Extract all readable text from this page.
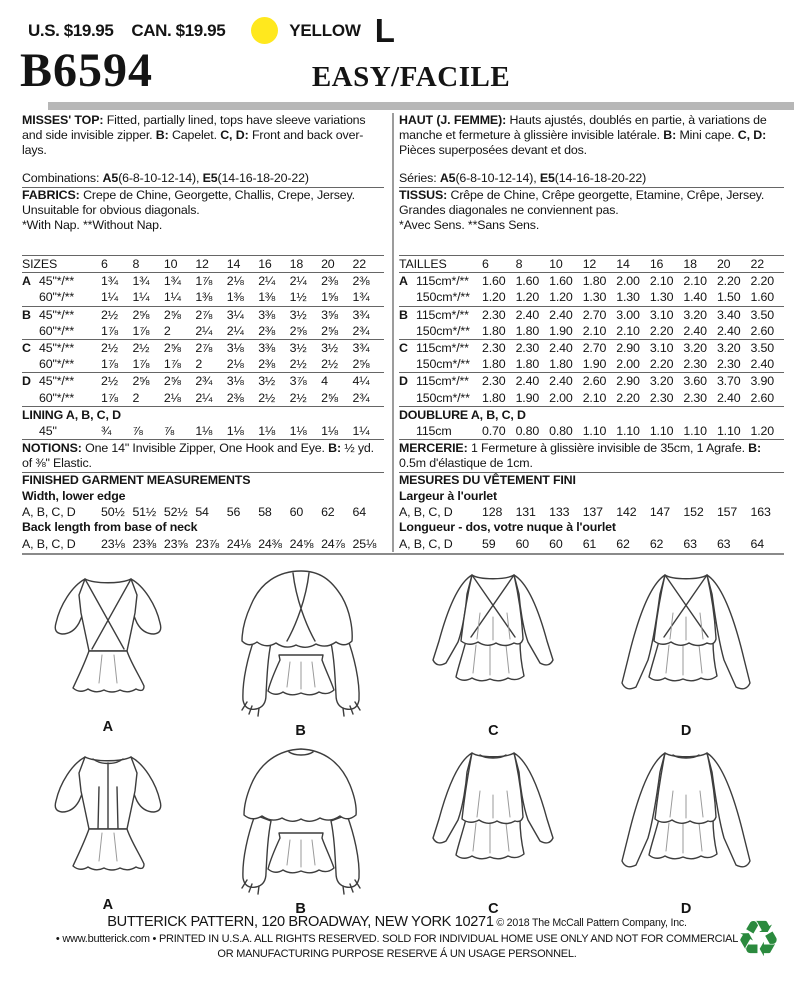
U.S. $19.95 CAN. $19.95	YELLOW L
B6594	EASY/FACILE

MISSES' TOP: Fitted, partially lined, tops have sleeve variations and side invisible zipper. B: Capelet. C, D: Front and back over-lays.

Combinations: A5(6-8-10-12-14), E5(14-16-18-20-22)

FABRICS: Crepe de Chine, Georgette, Challis, Crepe, Jersey. Unsuitable for obvious diagonals.

*With Nap. **Without Nap.

SIZES	6	8	10	12	14	16	18	20	22
A 45"*/**	1¾	1¾	1¾	1⅞	2⅛	2¼	2¼	2⅜	2⅜
60"*/**	1¼	1¼	1¼	1⅜	1⅜	1⅜	1½	1⅝	1¾
B 45"*/**	2½	2⅝	2⅝	2⅞	3¼	3⅜	3½	3⅝	3¾
60"*/**	1⅞	1⅞	2	2¼	2¼	2⅜	2⅝	2⅝	2¾
C 45"*/**	2½	2½	2⅝	2⅞	3⅛	3⅜	3½	3½	3¾
60"*/**	1⅞	1⅞	1⅞	2	2⅛	2⅜	2½	2½	2⅝
D 45"*/**	2½	2⅝	2⅝	2¾	3⅛	3½	3⅞	4	4¼
60"*/**	1⅞	2	2⅛	2¼	2⅜	2½	2½	2⅝	2¾
LINING A, B, C, D
45"	¾	⅞	⅞	1⅛	1⅛	1⅛	1⅛	1⅛	1¼

NOTIONS: One 14" Invisible Zipper, One Hook and Eye. B: ½ yd. of ⅜" Elastic.

FINISHED GARMENT MEASUREMENTS
Width, lower edge
A, B, C, D	50½ 51½ 52½ 54	56	58	60	62	64
Back length from base of neck
A, B, C, D	23⅛ 23⅜ 23⅝ 23⅞ 24⅛ 24⅜ 24⅝ 24⅞ 25⅛

HAUT (J. FEMME): Hauts ajustés, doublés en partie, à variations de manche et fermeture à glissière invisible latérale. B: Mini cape. C, D: Pièces superposées devant et dos.

Séries: A5(6-8-10-12-14), E5(14-16-18-20-22)

TISSUS: Crêpe de Chine, Crêpe georgette, Etamine, Crêpe, Jersey.

Grandes diagonales ne conviennent pas.

*Avec Sens. **Sans Sens.

TAILLES	6	8	10	12	14	16	18	20	22
A 115cm*/**	1.60 1.60 1.60 1.80 2.00 2.10 2.10 2.20 2.20
150cm*/** 1.20 1.20 1.20 1.30 1.30 1.30 1.40 1.50 1.60
B 115cm*/**	2.30 2.40 2.40 2.70 3.00 3.10 3.20 3.40 3.50
150cm*/** 1.80 1.80 1.90 2.10 2.10 2.20 2.40 2.40 2.60
C 115cm*/**	2.30 2.30 2.40 2.70 2.90 3.10 3.20 3.20 3.50
150cm*/** 1.80 1.80 1.80 1.90 2.00 2.20 2.30 2.30 2.40
D 115cm*/**	2.30 2.40 2.40 2.60 2.90 3.20 3.60 3.70 3.90
150cm*/** 1.80 1.90 2.00 2.10 2.20 2.30 2.30 2.40 2.60
DOUBLURE A, B, C, D
115cm	0.70 0.80 0.80 1.10 1.10 1.10 1.10 1.10 1.20

MERCERIE: 1 Fermeture à glissière invisible de 35cm, 1 Agrafe. B: 0.5m d'élastique de 1cm.

MESURES DU VÊTEMENT FINI
Largeur à l'ourlet
A, B, C, D	128	131	133	137	142	147	152	157	163
Longueur - dos, votre nuque à l'ourlet
A, B, C, D	59	60	60	61	62	62	63	63	64
A	B	C	D
A	B	C	D
BUTTERICK PATTERN, 120 BROADWAY, NEW YORK 10271 © 2018 The McCall Pattern Company, Inc.
• www.butterick.com • PRINTED IN U.S.A. ALL RIGHTS RESERVED. SOLD FOR INDIVIDUAL HOME USE ONLY AND NOT FOR COMMERCIAL
OR MANUFACTURING PURPOSE RESERVE Á UN USAGE PERSONNEL.	♻
